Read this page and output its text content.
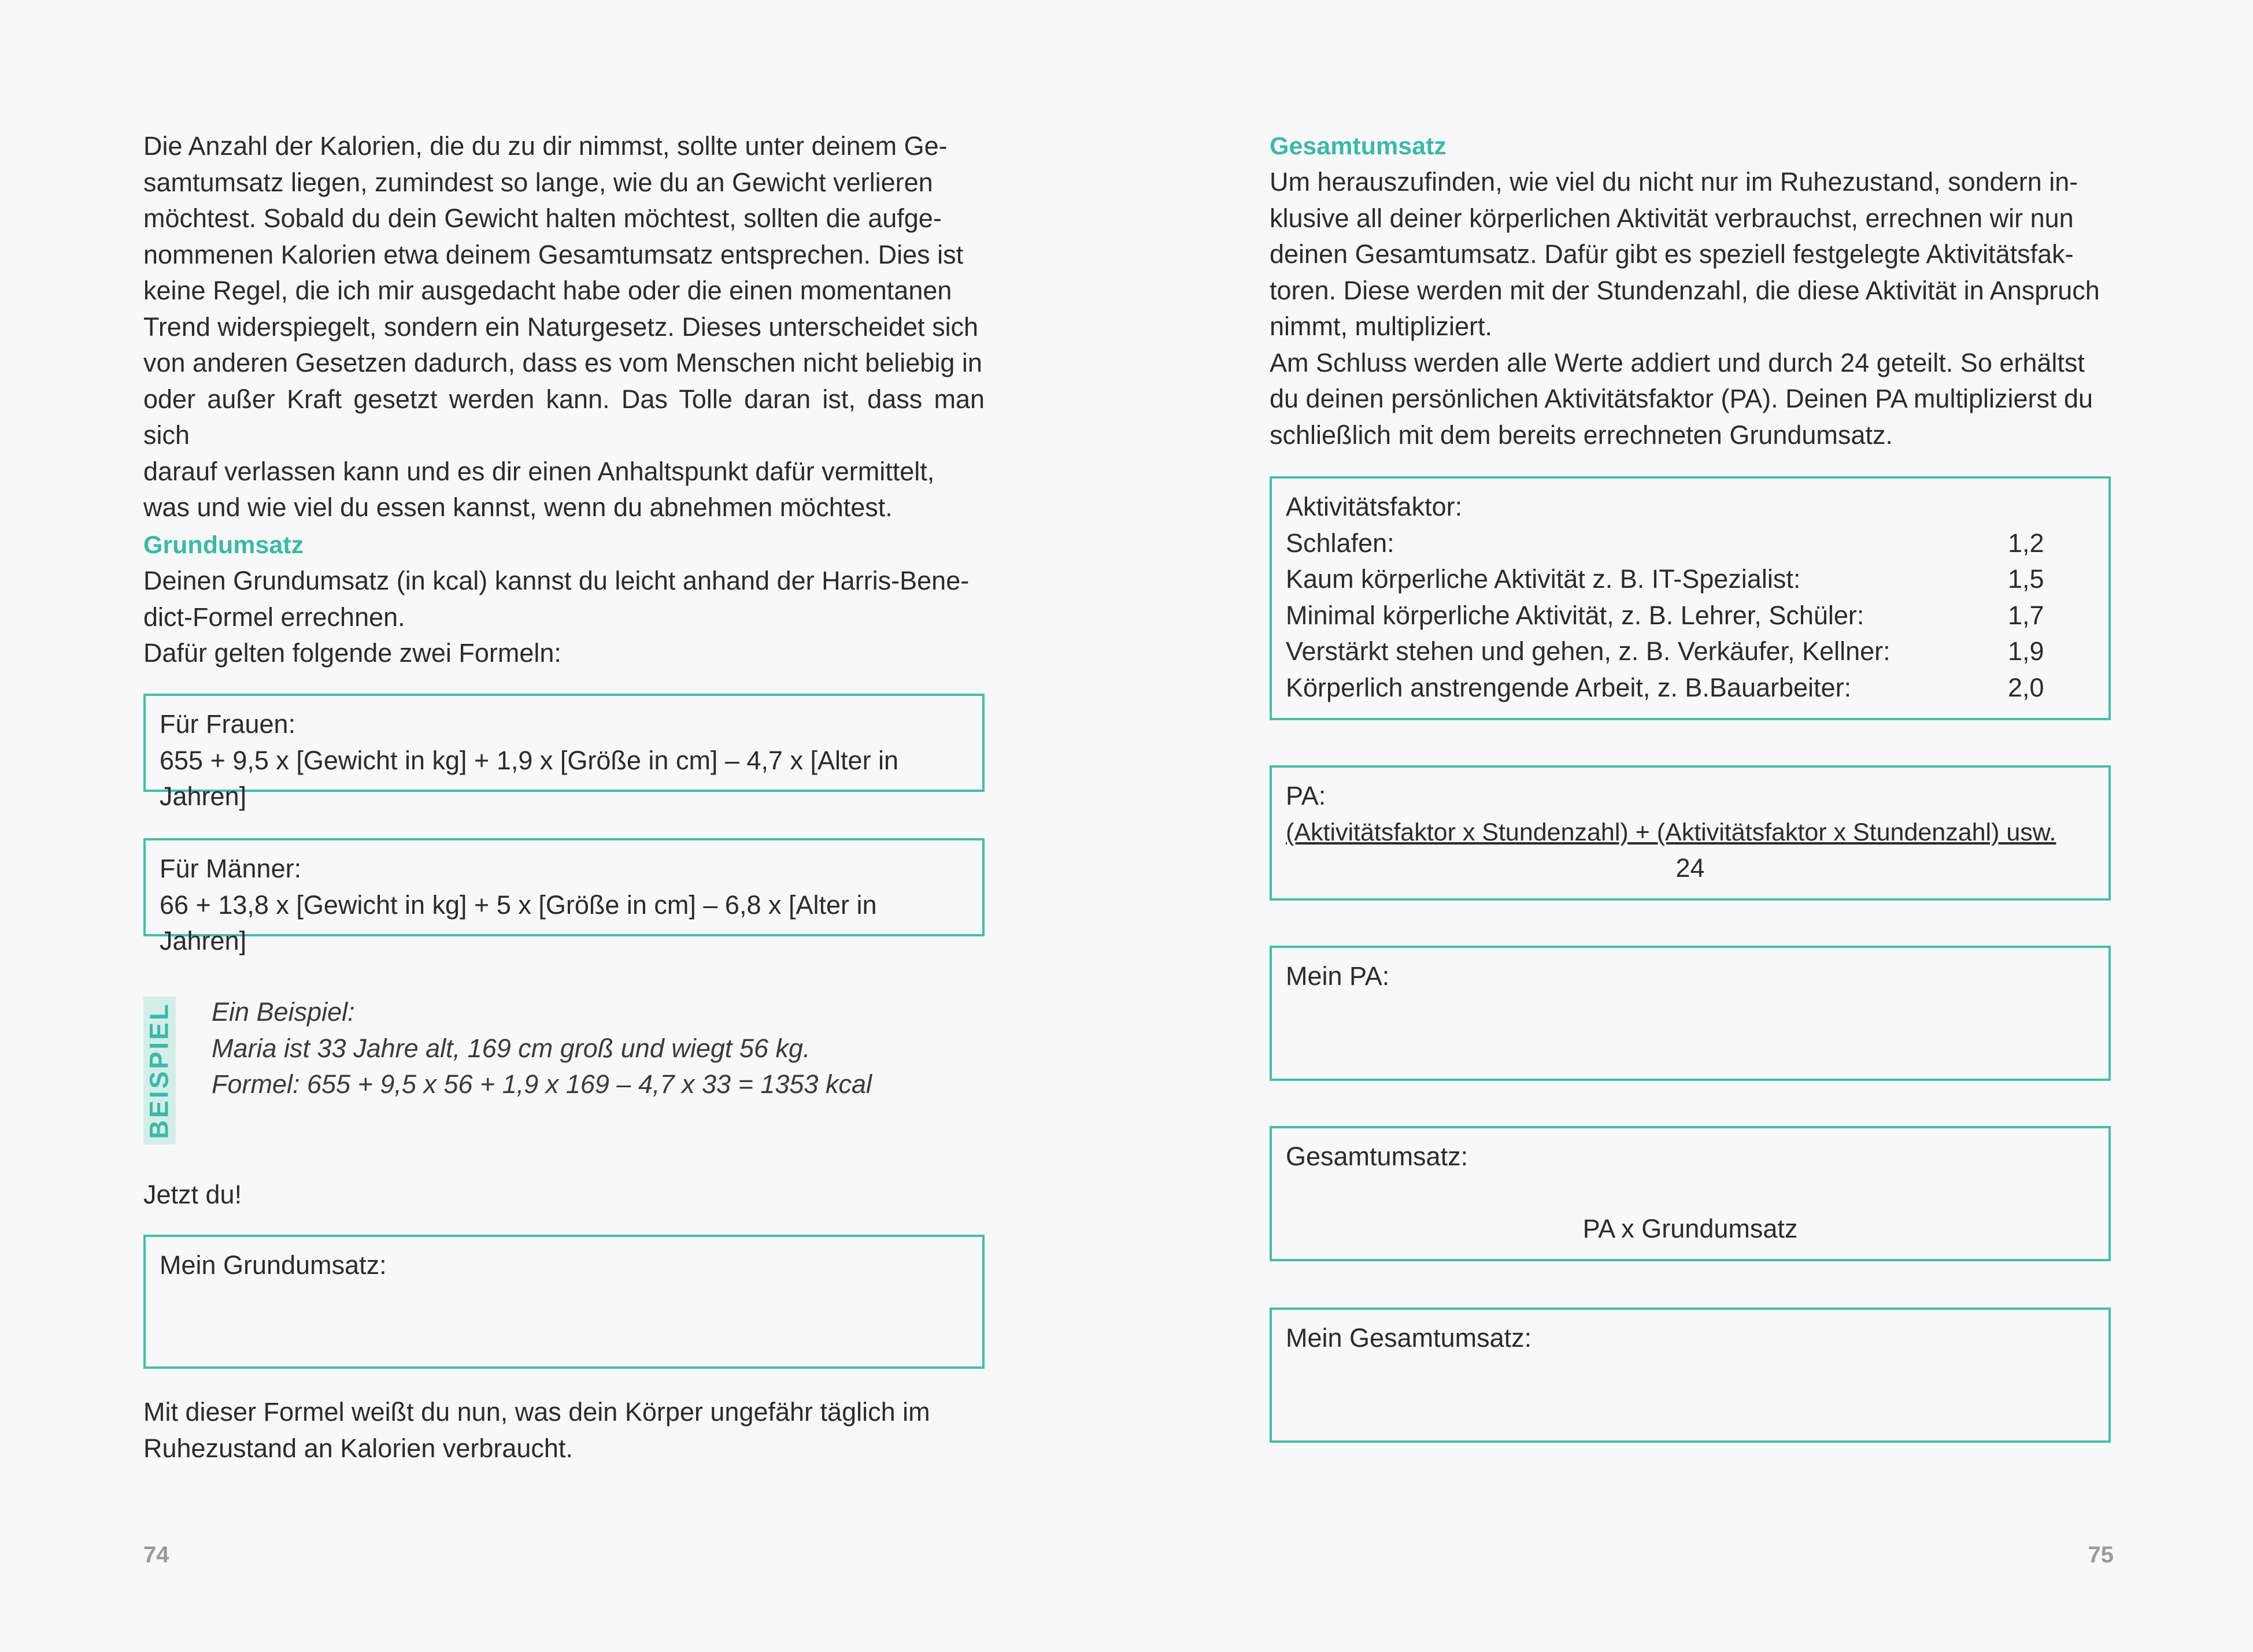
Die Anzahl der Kalorien, die du zu dir nimmst, sollte unter deinem Ge-
samtumsatz liegen, zumindest so lange, wie du an Gewicht verlieren
möchtest. Sobald du dein Gewicht halten möchtest, sollten die aufge-
nommenen Kalorien etwa deinem Gesamtumsatz entsprechen. Dies ist
keine Regel, die ich mir ausgedacht habe oder die einen momentanen
Trend widerspiegelt, sondern ein Naturgesetz. Dieses unterscheidet sich
von anderen Gesetzen dadurch, dass es vom Menschen nicht beliebig in
oder außer Kraft gesetzt werden kann. Das Tolle daran ist, dass man sich
darauf verlassen kann und es dir einen Anhaltspunkt dafür vermittelt,
was und wie viel du essen kannst, wenn du abnehmen möchtest.

Grundumsatz

Deinen Grundumsatz (in kcal) kannst du leicht anhand der Harris-Bene-
dict-Formel errechnen.
Dafür gelten folgende zwei Formeln:

Für Frauen:
655 + 9,5 x [Gewicht in kg] + 1,9 x [Größe in cm] – 4,7 x [Alter in Jahren]
Für Männer:
66 + 13,8 x [Gewicht in kg] + 5 x [Größe in cm] – 6,8 x [Alter in Jahren]
BEISPIEL Ein Beispiel:
Maria ist 33 Jahre alt, 169 cm groß und wiegt 56 kg.
Formel: 655 + 9,5 x 56 + 1,9 x 169 – 4,7 x 33 = 1353 kcal
Jetzt du!
Mein Grundumsatz:

Mit dieser Formel weißt du nun, was dein Körper ungefähr täglich im
Ruhezustand an Kalorien verbraucht.

74
Gesamtumsatz

Um herauszufinden, wie viel du nicht nur im Ruhezustand, sondern in-
klusive all deiner körperlichen Aktivität verbrauchst, errechnen wir nun
deinen Gesamtumsatz. Dafür gibt es speziell festgelegte Aktivitätsfak-
toren. Diese werden mit der Stundenzahl, die diese Aktivität in Anspruch
nimmt, multipliziert.
Am Schluss werden alle Werte addiert und durch 24 geteilt. So erhältst
du deinen persönlichen Aktivitätsfaktor (PA). Deinen PA multiplizierst du
schließlich mit dem bereits errechneten Grundumsatz.

Aktivitätsfaktor:
Schlafen:	1,2
Kaum körperliche Aktivität z. B. IT-Spezialist:	1,5
Minimal körperliche Aktivität, z. B. Lehrer, Schüler:	1,7
Verstärkt stehen und gehen, z. B. Verkäufer, Kellner:	1,9
Körperlich anstrengende Arbeit, z. B.Bauarbeiter:	2,0
PA:
(Aktivitätsfaktor x Stundenzahl) + (Aktivitätsfaktor x Stundenzahl) usw.
24
Mein PA:
Gesamtumsatz:
PA x Grundumsatz
Mein Gesamtumsatz:
75
